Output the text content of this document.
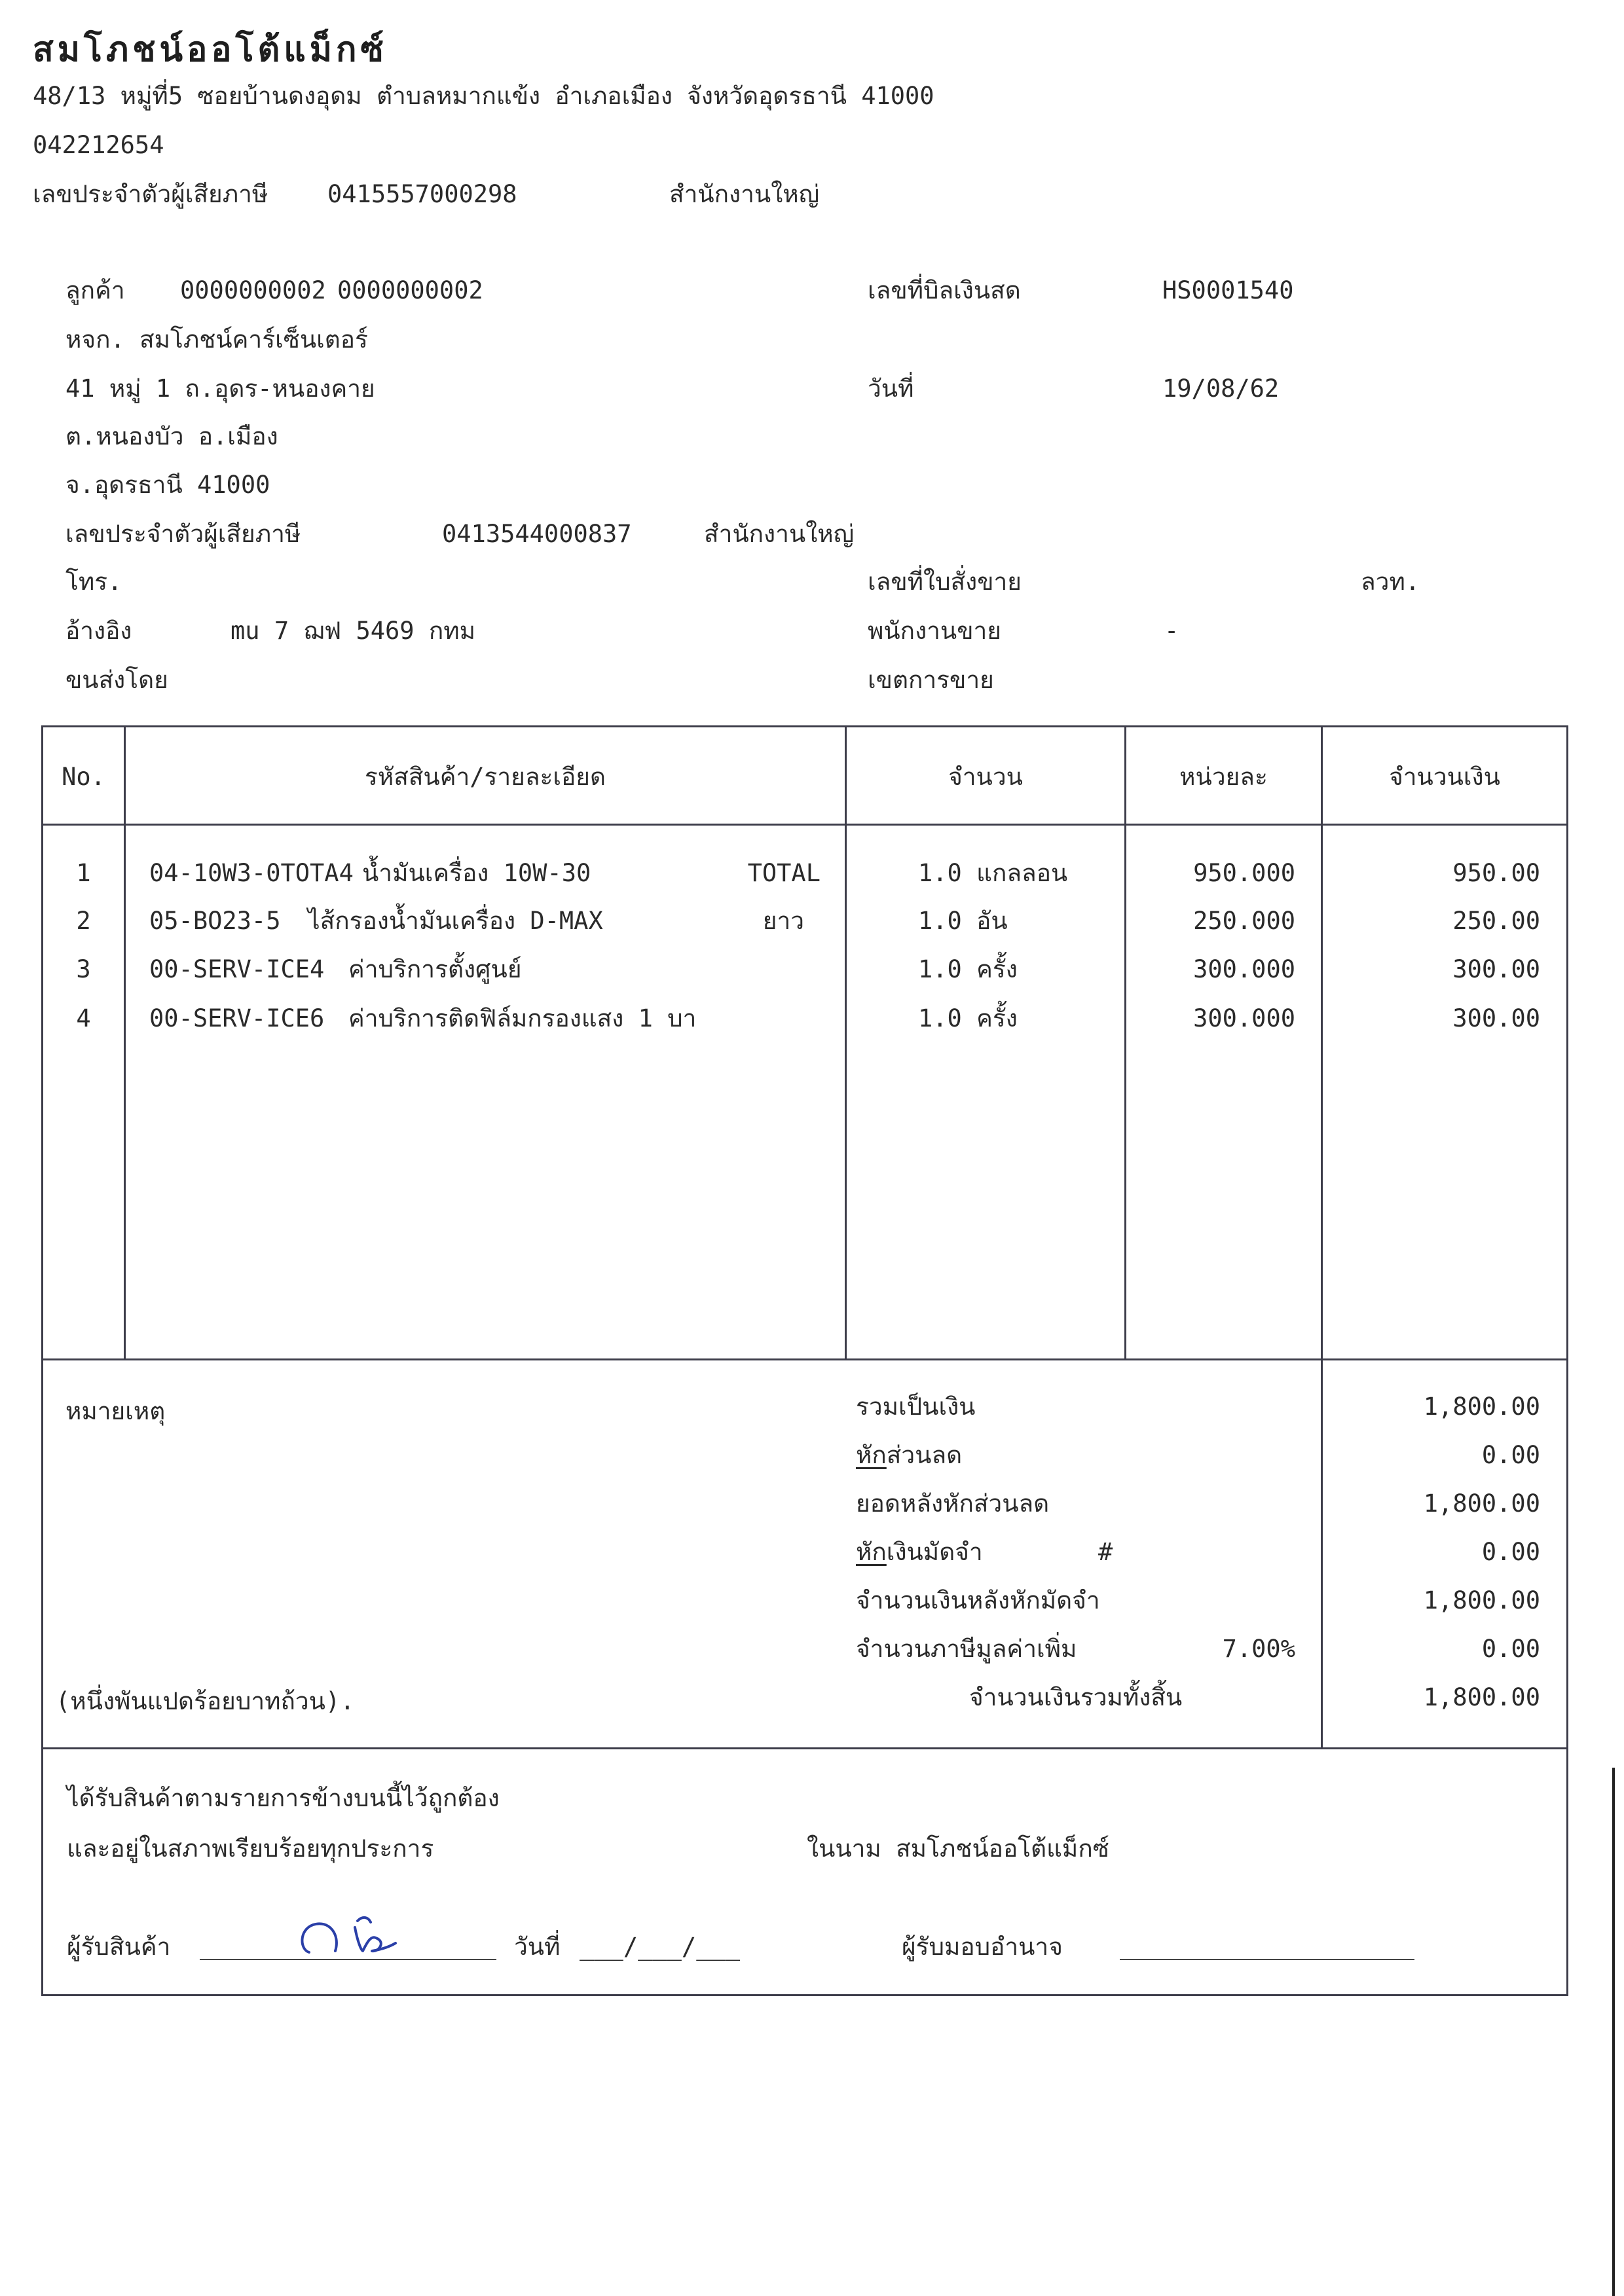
สมโภชน์ออโต้แม็กซ์
48/13 หมู่ที่5 ซอยบ้านดงอุดม ตำบลหมากแข้ง อำเภอเมือง จังหวัดอุดรธานี 41000
042212654
เลขประจำตัวผู้เสียภาษี 0415557000298	สำนักงานใหญ่
ลูกค้า 0000000002 0000000002
หจก. สมโภชน์คาร์เซ็นเตอร์
41 หมู่ 1 ถ.อุดร-หนองคาย
ต.หนองบัว อ.เมือง
จ.อุดรธานี 41000
เลขประจำตัวผู้เสียภาษี	0413544000837	สำนักงานใหญ่
โทร.
อ้างอิง	mu 7 ฌฟ 5469 กทม
ขนส่งโดย
เลขที่บิลเงินสด	HS0001540
วันที่	19/08/62
เลขที่ใบสั่งขาย	ลวท.
พนักงานขาย	-
เขตการขาย
No.	รหัสสินค้า/รายละเอียด	จำนวน	หน่วยละ	จำนวนเงิน
1	04-10W3-0TOTA4 น้ำมันเครื่อง 10W-30	TOTAL	1.0 แกลลอน	950.000	950.00
2	05-BO23-5 ไส้กรองน้ำมันเครื่อง D-MAX	ยาว	1.0 อัน	250.000	250.00
3	00-SERV-ICE4 ค่าบริการตั้งศูนย์	1.0 ครั้ง	300.000	300.00
4	00-SERV-ICE6 ค่าบริการติดฟิล์มกรองแสง 1 บา	1.0 ครั้ง	300.000	300.00
หมายเหตุ	รวมเป็นเงิน	1,800.00
หักส่วนลด	0.00
ยอดหลังหักส่วนลด	1,800.00
หักเงินมัดจำ	#	0.00
จำนวนเงินหลังหักมัดจำ	1,800.00
จำนวนภาษีมูลค่าเพิ่ม	7.00%	0.00
(หนึ่งพันแปดร้อยบาทถ้วน).	จำนวนเงินรวมทั้งสิ้น	1,800.00
ได้รับสินค้าตามรายการข้างบนนี้ไว้ถูกต้อง
และอยู่ในสภาพเรียบร้อยทุกประการ	ในนาม สมโภชน์ออโต้แม็กซ์
ผู้รับสินค้า	วันที่ ___/___/___	ผู้รับมอบอำนาจ
